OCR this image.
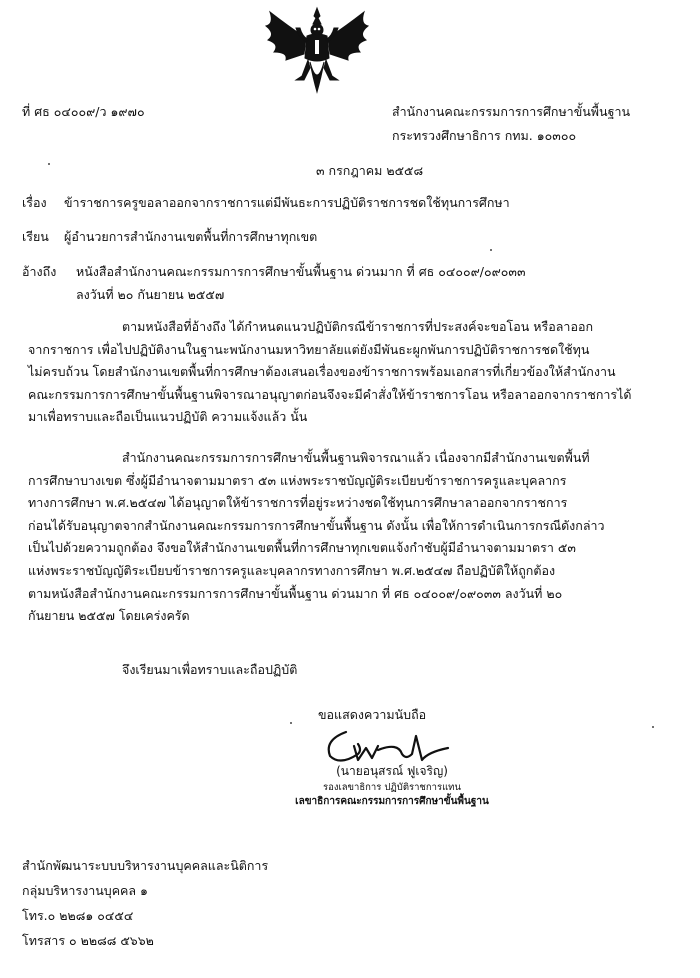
ที่ ศธ ๐๔๐๐๙/ว ๑๙๗๐	สำนักงานคณะกรรมการการศึกษาขั้นพื้นฐาน
กระทรวงศึกษาธิการ กทม. ๑๐๓๐๐
๓ กรกฎาคม ๒๕๕๘
เรื่อง ข้าราชการครูขอลาออกจากราชการแต่มีพันธะการปฏิบัติราชการชดใช้ทุนการศึกษา
เรียน ผู้อำนวยการสำนักงานเขตพื้นที่การศึกษาทุกเขต
อ้างถึง หนังสือสำนักงานคณะกรรมการการศึกษาขั้นพื้นฐาน ด่วนมาก ที่ ศธ ๐๔๐๐๙/๐๙๐๓๓
ลงวันที่ ๒๐ กันยายน ๒๕๕๗
ตามหนังสือที่อ้างถึง ได้กำหนดแนวปฏิบัติกรณีข้าราชการที่ประสงค์จะขอโอน หรือลาออก
จากราชการ เพื่อไปปฏิบัติงานในฐานะพนักงานมหาวิทยาลัยแต่ยังมีพันธะผูกพันการปฏิบัติราชการชดใช้ทุน
ไม่ครบถ้วน โดยสำนักงานเขตพื้นที่การศึกษาต้องเสนอเรื่องของข้าราชการพร้อมเอกสารที่เกี่ยวข้องให้สำนักงาน
คณะกรรมการการศึกษาขั้นพื้นฐานพิจารณาอนุญาตก่อนจึงจะมีคำสั่งให้ข้าราชการโอน หรือลาออกจากราชการได้
มาเพื่อทราบและถือเป็นแนวปฏิบัติ ความแจ้งแล้ว นั้น
สำนักงานคณะกรรมการการศึกษาขั้นพื้นฐานพิจารณาแล้ว เนื่องจากมีสำนักงานเขตพื้นที่
การศึกษาบางเขต ซึ่งผู้มีอำนาจตามมาตรา ๕๓ แห่งพระราชบัญญัติระเบียบข้าราชการครูและบุคลากร
ทางการศึกษา พ.ศ.๒๕๔๗ ได้อนุญาตให้ข้าราชการที่อยู่ระหว่างชดใช้ทุนการศึกษาลาออกจากราชการ
ก่อนได้รับอนุญาตจากสำนักงานคณะกรรมการการศึกษาขั้นพื้นฐาน ดังนั้น เพื่อให้การดำเนินการกรณีดังกล่าว
เป็นไปด้วยความถูกต้อง จึงขอให้สำนักงานเขตพื้นที่การศึกษาทุกเขตแจ้งกำชับผู้มีอำนาจตามมาตรา ๕๓
แห่งพระราชบัญญัติระเบียบข้าราชการครูและบุคลากรทางการศึกษา พ.ศ.๒๕๔๗ ถือปฏิบัติให้ถูกต้อง
ตามหนังสือสำนักงานคณะกรรมการการศึกษาขั้นพื้นฐาน ด่วนมาก ที่ ศธ ๐๔๐๐๙/๐๙๐๓๓ ลงวันที่ ๒๐
กันยายน ๒๕๕๗ โดยเคร่งครัด
จึงเรียนมาเพื่อทราบและถือปฏิบัติ
ขอแสดงความนับถือ
(นายอนุสรณ์ ฟูเจริญ)
รองเลขาธิการ ปฏิบัติราชการแทน
เลขาธิการคณะกรรมการการศึกษาขั้นพื้นฐาน
สำนักพัฒนาระบบบริหารงานบุคคลและนิติการ
กลุ่มบริหารงานบุคคล ๑
โทร.๐ ๒๒๘๑ ๐๔๕๔
โทรสาร ๐ ๒๒๘๘ ๕๖๖๒
